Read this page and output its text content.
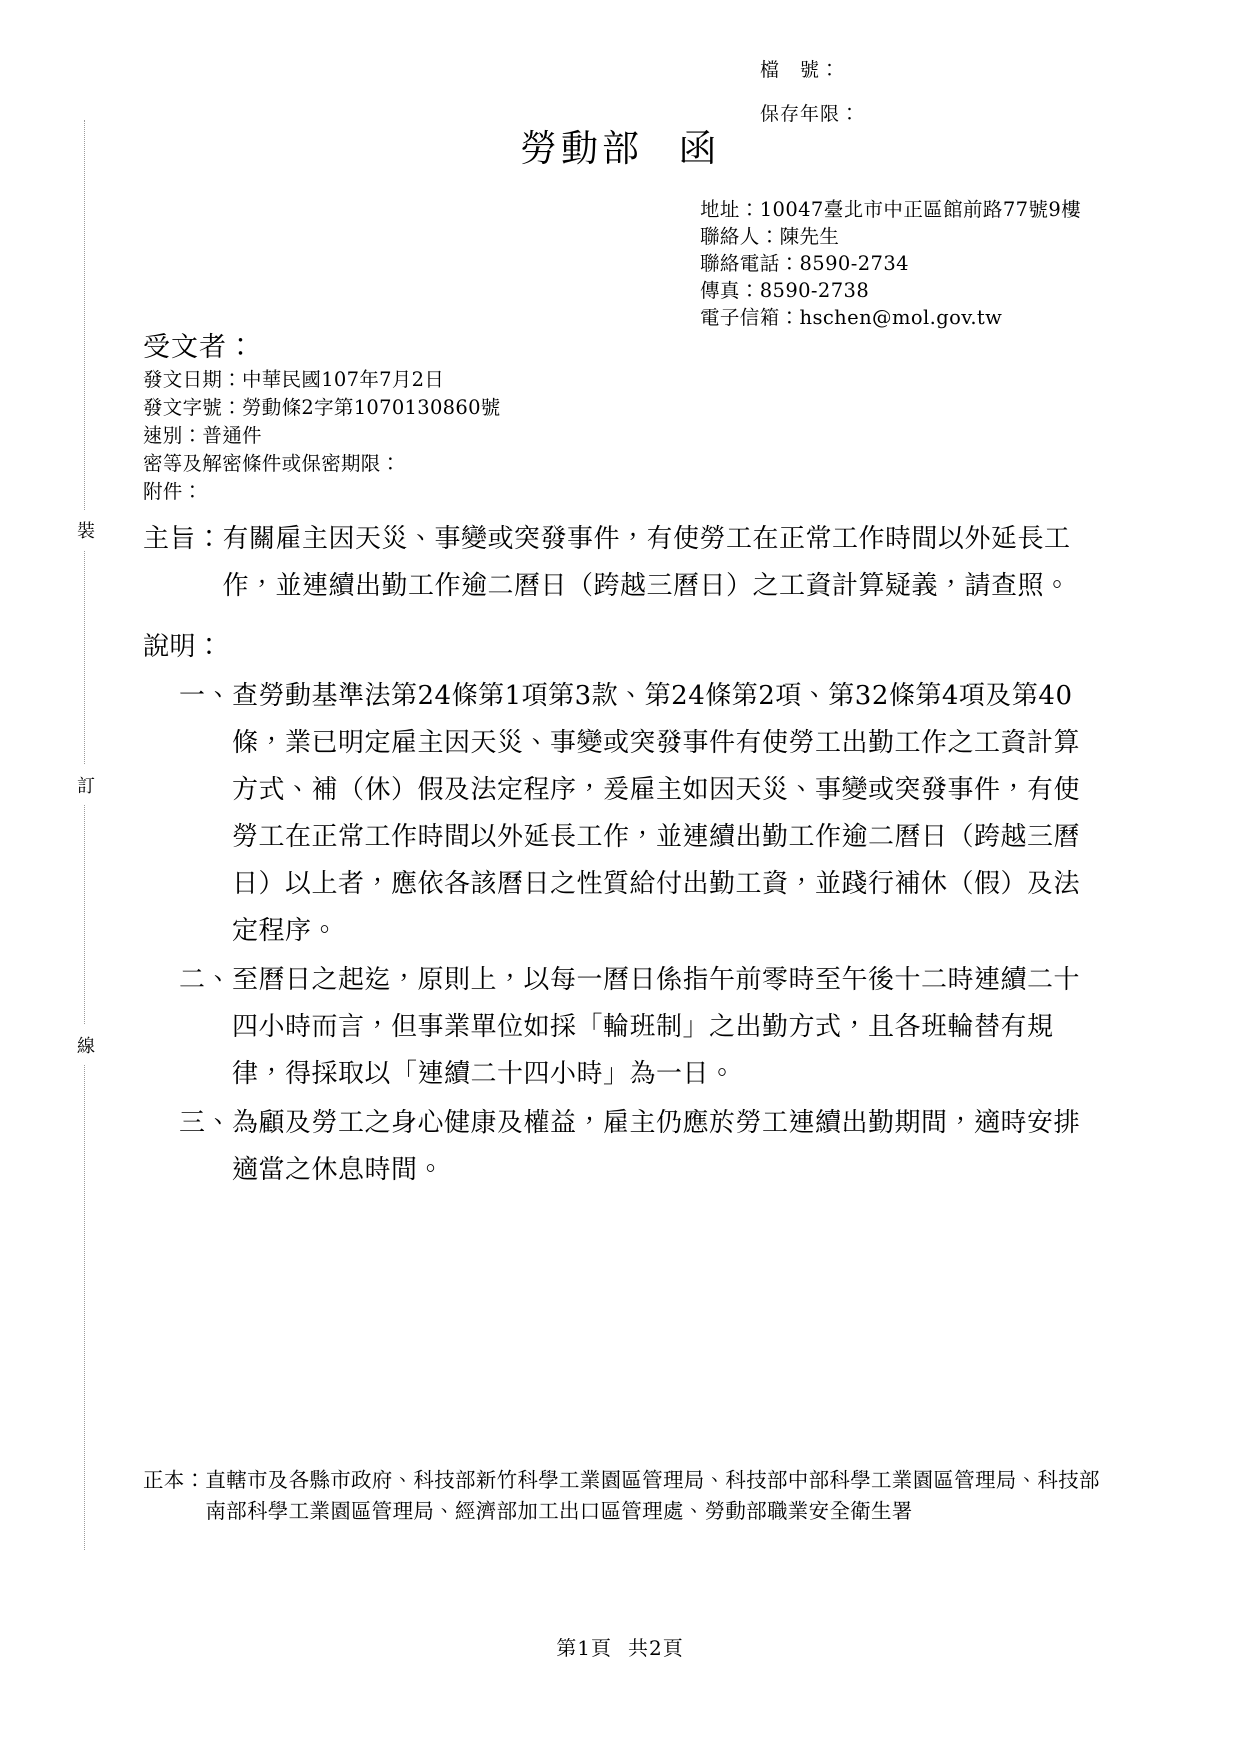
裝
訂
線
檔　號：
保存年限：
勞動部 函
地址：10047臺北市中正區館前路77號9樓
聯絡人：陳先生
聯絡電話：8590-2734
傳真：8590-2738
電子信箱：hschen@mol.gov.tw
受文者：
發文日期：中華民國107年7月2日
發文字號：勞動條2字第1070130860號
速別：普通件
密等及解密條件或保密期限：
附件：
主旨： 有關雇主因天災、事變或突發事件，有使勞工在正常工作時間以外延長工作，並連續出勤工作逾二曆日（跨越三曆日）之工資計算疑義，請查照。
說明：
一、 查勞動基準法第24條第1項第3款、第24條第2項、第32條第4項及第40條，業已明定雇主因天災、事變或突發事件有使勞工出勤工作之工資計算方式、補（休）假及法定程序，爰雇主如因天災、事變或突發事件，有使勞工在正常工作時間以外延長工作，並連續出勤工作逾二曆日（跨越三曆日）以上者，應依各該曆日之性質給付出勤工資，並踐行補休（假）及法定程序。
二、 至曆日之起迄，原則上，以每一曆日係指午前零時至午後十二時連續二十四小時而言，但事業單位如採「輪班制」之出勤方式，且各班輪替有規律，得採取以「連續二十四小時」為一日。
三、 為顧及勞工之身心健康及權益，雇主仍應於勞工連續出勤期間，適時安排適當之休息時間。
正本： 直轄市及各縣市政府、科技部新竹科學工業園區管理局、科技部中部科學工業園區管理局、科技部南部科學工業園區管理局、經濟部加工出口區管理處、勞動部職業安全衛生署
第1頁 共2頁
